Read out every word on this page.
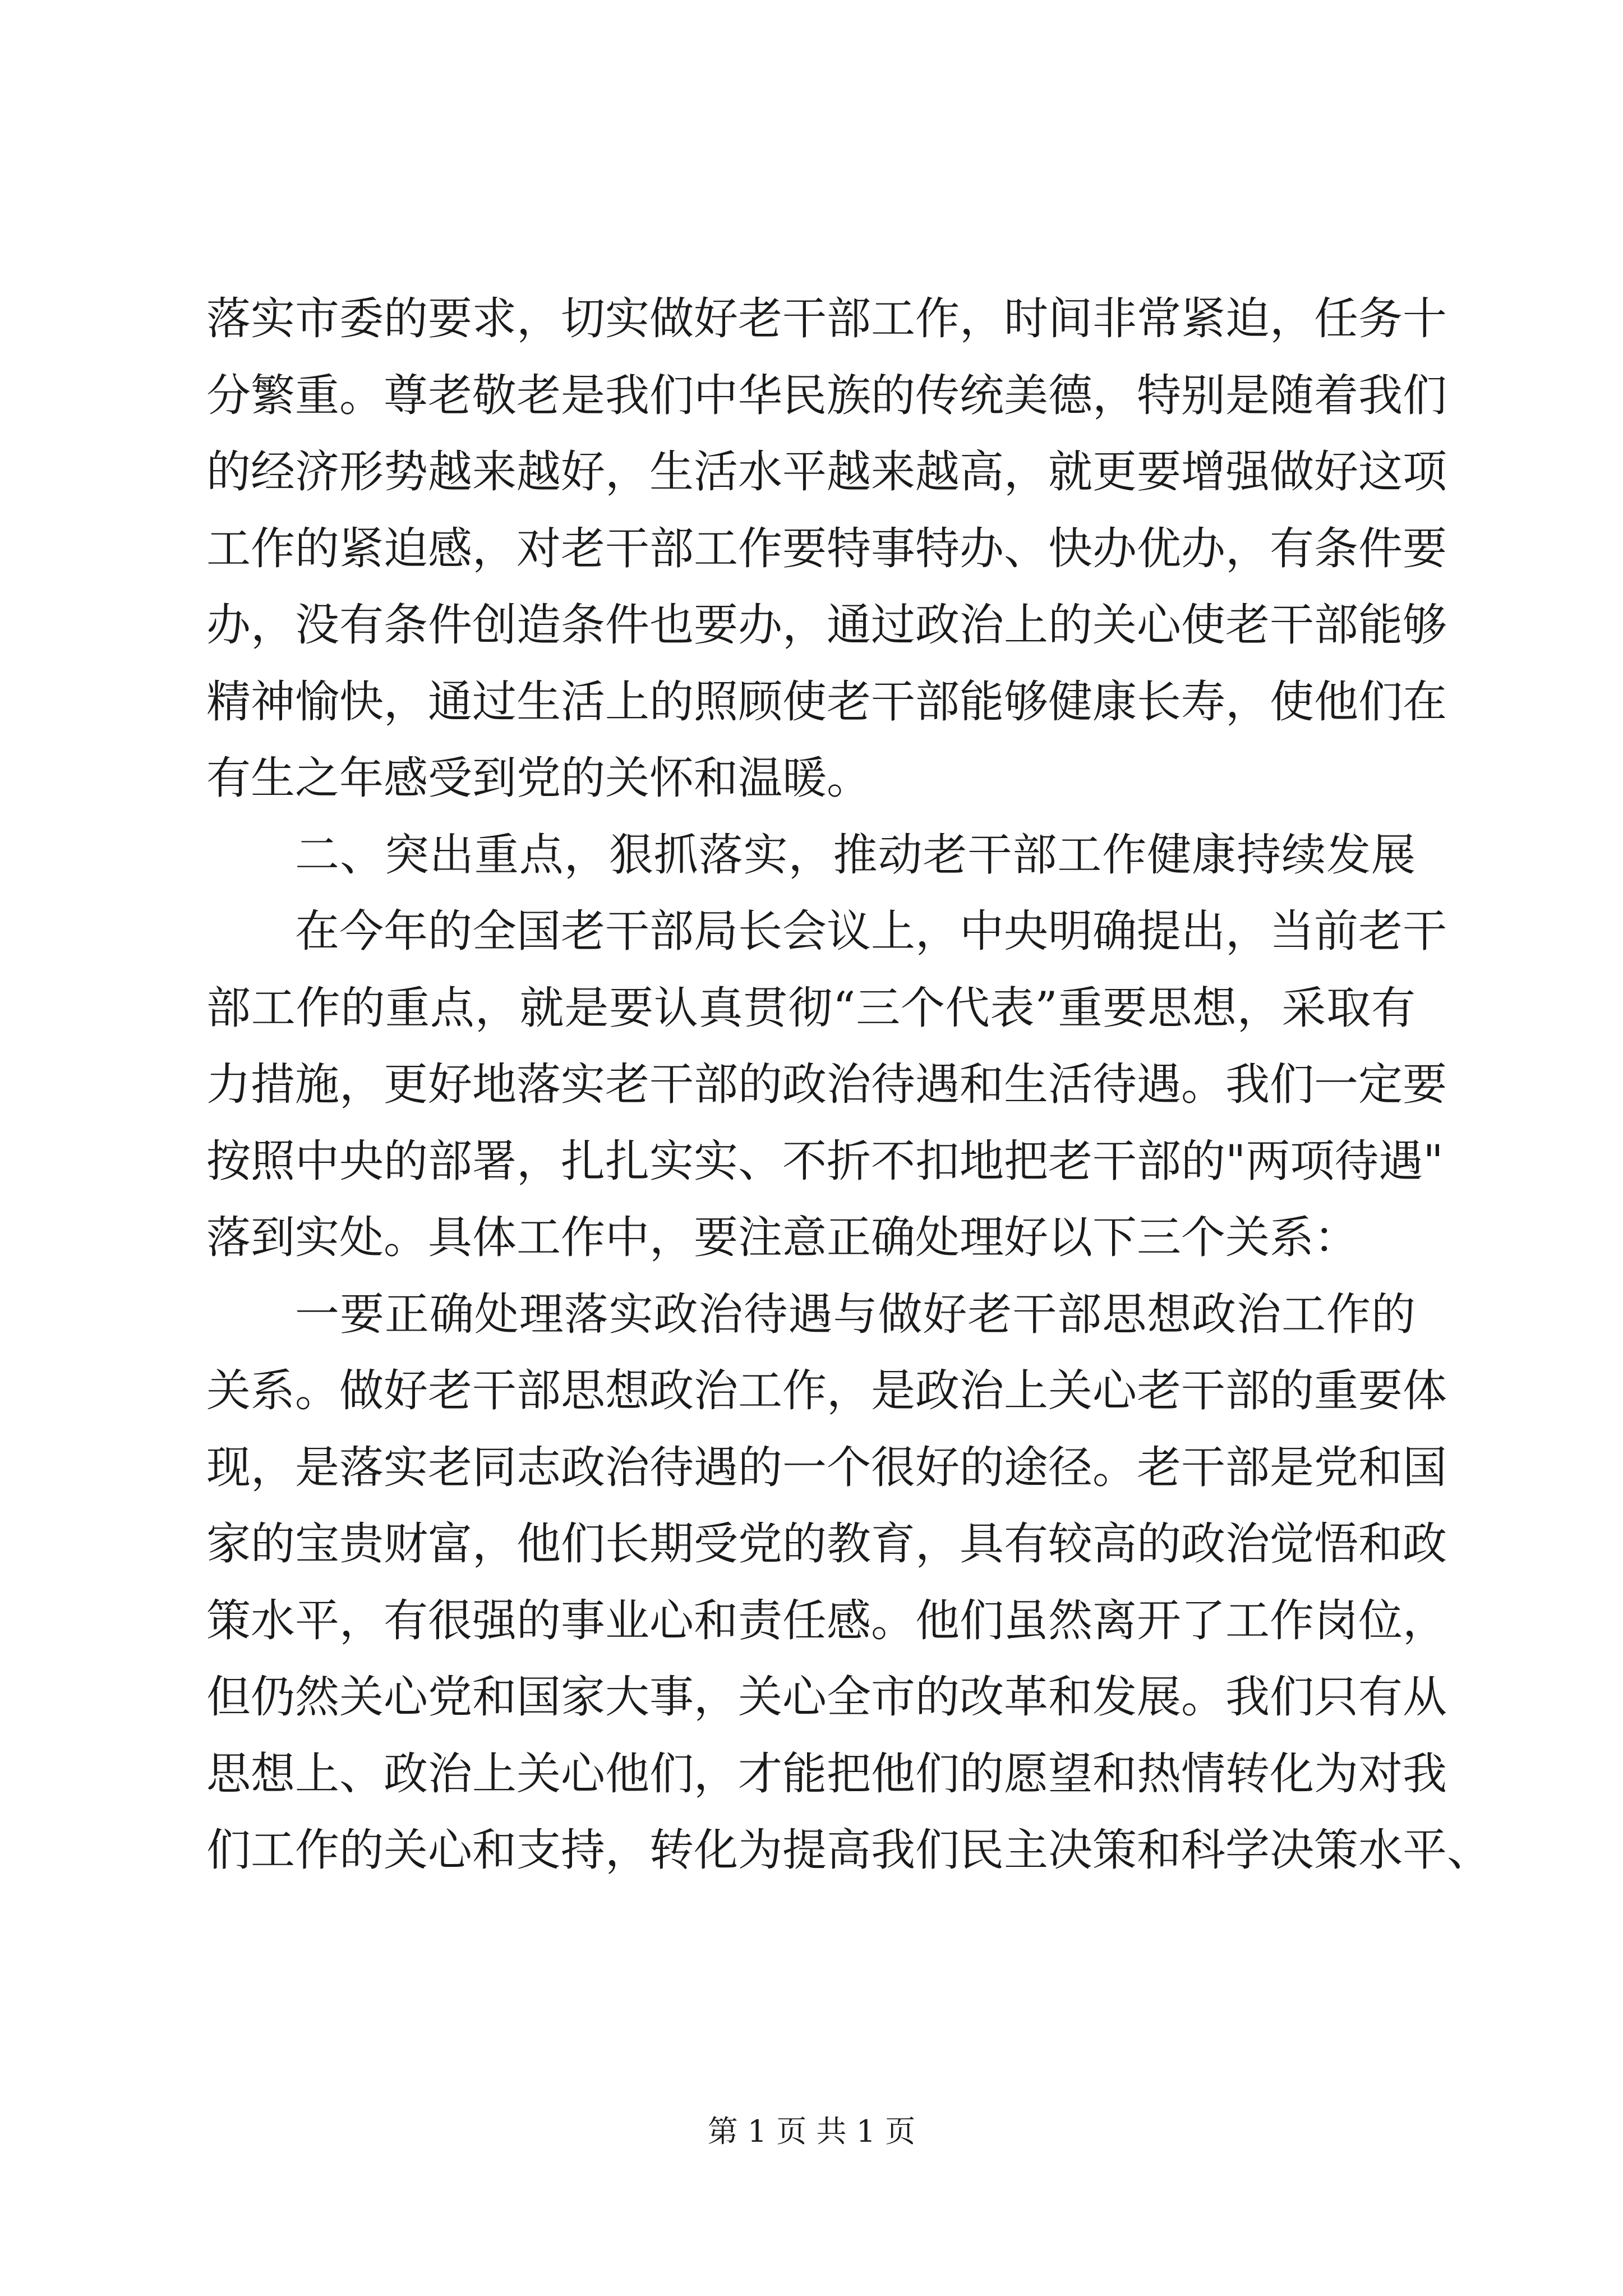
落实市委的要求，切实做好老干部工作，时间非常紧迫，任务十
分繁重。尊老敬老是我们中华民族的传统美德，特别是随着我们
的经济形势越来越好，生活水平越来越高，就更要增强做好这项
工作的紧迫感，对老干部工作要特事特办、快办优办，有条件要
办，没有条件创造条件也要办，通过政治上的关心使老干部能够
精神愉快，通过生活上的照顾使老干部能够健康长寿，使他们在
有生之年感受到党的关怀和温暖。
二、突出重点，狠抓落实，推动老干部工作健康持续发展
在今年的全国老干部局长会议上，中央明确提出，当前老干
部工作的重点，就是要认真贯彻“三个代表”重要思想，采取有
力措施，更好地落实老干部的政治待遇和生活待遇。我们一定要
按照中央的部署，扎扎实实、不折不扣地把老干部的"两项待遇"
落到实处。具体工作中，要注意正确处理好以下三个关系：
一要正确处理落实政治待遇与做好老干部思想政治工作的
关系。做好老干部思想政治工作，是政治上关心老干部的重要体
现，是落实老同志政治待遇的一个很好的途径。老干部是党和国
家的宝贵财富，他们长期受党的教育，具有较高的政治觉悟和政
策水平，有很强的事业心和责任感。他们虽然离开了工作岗位，
但仍然关心党和国家大事，关心全市的改革和发展。我们只有从
思想上、政治上关心他们，才能把他们的愿望和热情转化为对我
们工作的关心和支持，转化为提高我们民主决策和科学决策水平、
第 1 页 共 1 页
